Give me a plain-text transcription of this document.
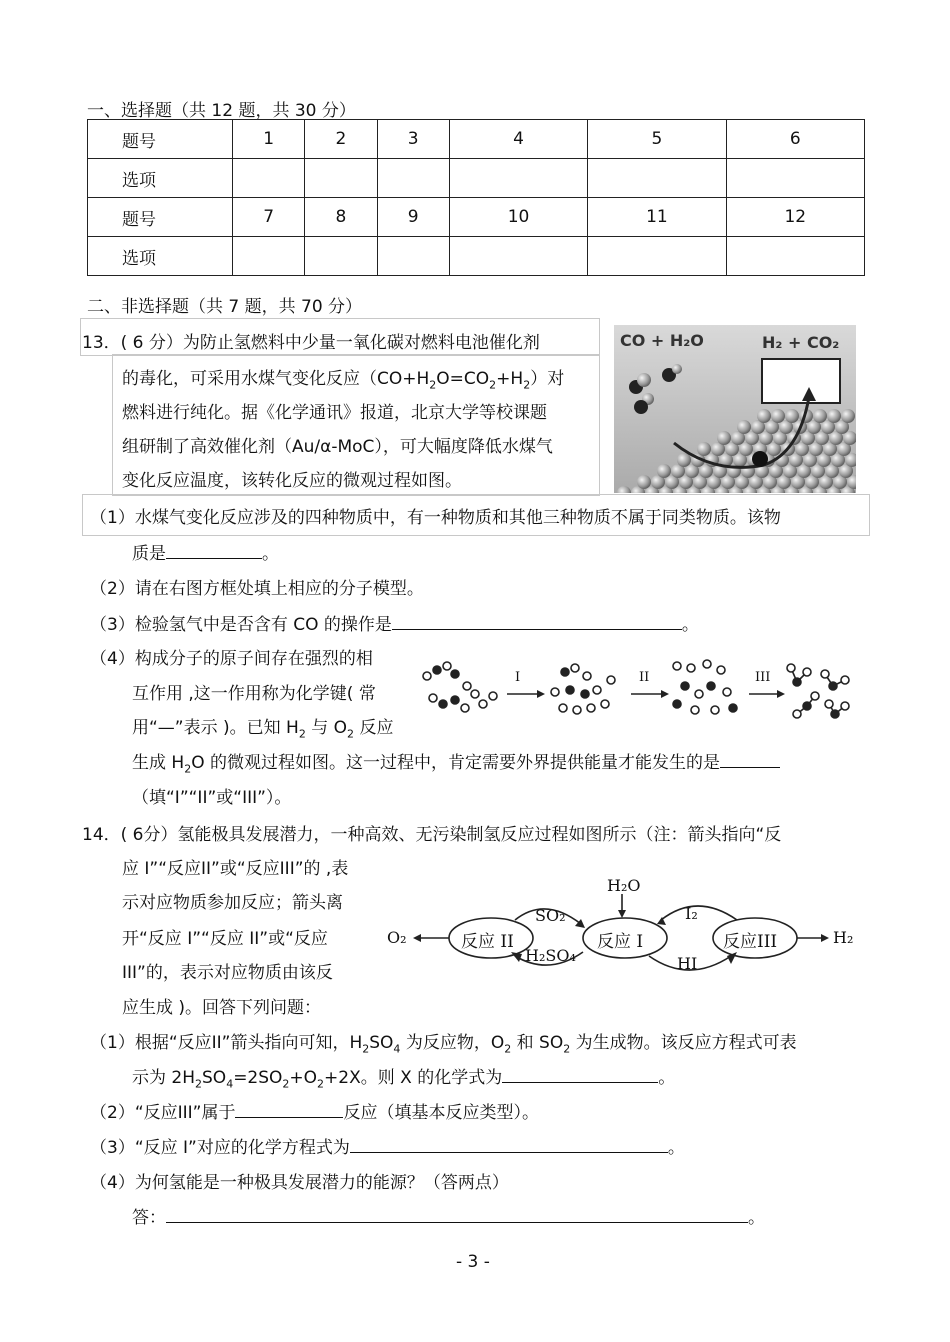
一、选择题（共 12 题，共 30 分）
题号	1	2	3	4	5	6
选项						
题号	7	8	9	10	11	12
选项						
二、非选择题（共 7 题，共 70 分）
13．( 6 分）为防止氢燃料中少量一氧化碳对燃料电池催化剂
的毒化，可采用水煤气变化反应$(CO+H_2O=CO_2+H_2)$对
燃料进行纯化。据《化学通讯》报道，北京大学等校课题
组研制了高效催化剂（Au/α-MoC），可大幅度降低水煤气
变化反应温度，该转化反应的微观过程如图。
CO + H₂O	H₂ + CO₂
（1）水煤气变化反应涉及的四种物质中，有一种物质和其他三种物质不属于同类物质。该物
质是	。
（2）请在右图方框处填上相应的分子模型。
（3）检验氢气中是否含有 CO 的操作是	。
（4）构成分子的原子间存在强烈的相
互作用 ,这一作用称为化学键( 常
用“—”表示 )。已知 $H_2$ 与 $O_2$ 反应
生成 $H_2O$ 的微观过程如图。这一过程中，肯定需要外界提供能量才能发生的是
（填“I”“II”或“III”）。
I	II	III
14．( 6分）氢能极具发展潜力，一种高效、无污染制氢反应过程如图所示（注：箭头指向“反
应 I”“反应II”或“反应III”的 ,表
示对应物质参加反应；箭头离
开“反应 I”“反应 II”或“反应
III”的，表示对应物质由该反
应生成 )。回答下列问题：
反应 II	反应 I	反应III
H₂O
SO₂
H₂SO₄
I₂
HI
O₂	H₂
（1）根据“反应II”箭头指向可知，$H_2SO_4$ 为反应物，$O_2$ 和 $SO_2$ 为生成物。该反应方程式可表
示为 $2H_2SO_4=2SO_2+O_2+2X$。则 X 的化学式为	。
（2）“反应III”属于	反应（填基本反应类型）。
（3）“反应 I”对应的化学方程式为	。
（4）为何氢能是一种极具发展潜力的能源？（答两点）
答：	。
- 3 -
